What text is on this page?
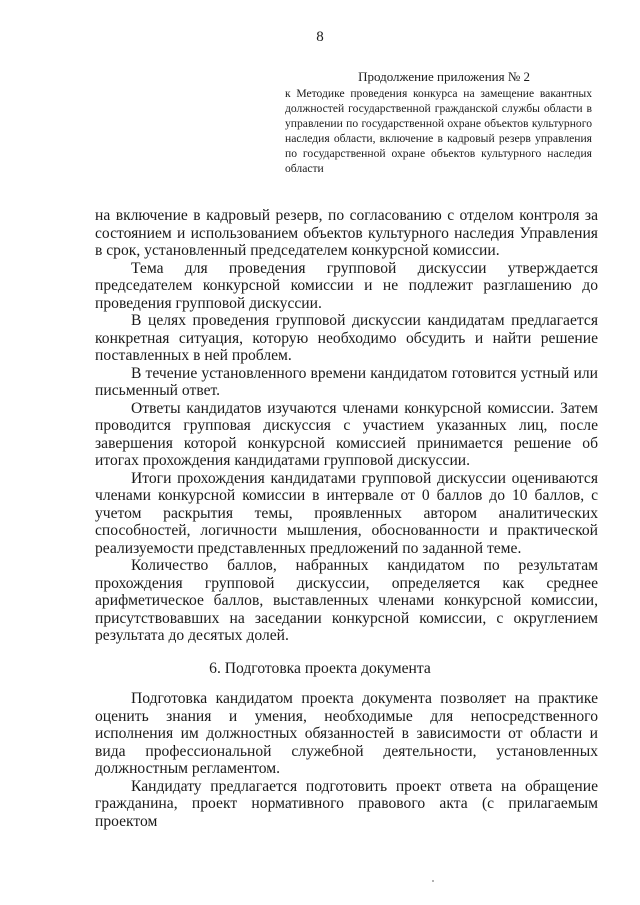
8
Продолжение приложения № 2
к Методике проведения конкурса на замещение вакантных должностей государственной гражданской службы области в управлении по государственной охране объектов культурного наследия области, включение в кадровый резерв управления по государственной охране объектов культурного наследия области

на включение в кадровый резерв, по согласованию с отделом контроля за состоянием и использованием объектов культурного наследия Управления в срок, установленный председателем конкурсной комиссии.

Тема для проведения групповой дискуссии утверждается председателем конкурсной комиссии и не подлежит разглашению до проведения групповой дискуссии.

В целях проведения групповой дискуссии кандидатам предлагается конкретная ситуация, которую необходимо обсудить и найти решение поставленных в ней проблем.

В течение установленного времени кандидатом готовится устный или письменный ответ.

Ответы кандидатов изучаются членами конкурсной комиссии. Затем проводится групповая дискуссия с участием указанных лиц, после завершения которой конкурсной комиссией принимается решение об итогах прохождения кандидатами групповой дискуссии.

Итоги прохождения кандидатами групповой дискуссии оцениваются членами конкурсной комиссии в интервале от 0 баллов до 10 баллов, с учетом раскрытия темы, проявленных автором аналитических способностей, логичности мышления, обоснованности и практической реализуемости представленных предложений по заданной теме.

Количество баллов, набранных кандидатом по результатам прохождения групповой дискуссии, определяется как среднее арифметическое баллов, выставленных членами конкурсной комиссии, присутствовавших на заседании конкурсной комиссии, с округлением результата до десятых долей.

6. Подготовка проекта документа

Подготовка кандидатом проекта документа позволяет на практике оценить знания и умения, необходимые для непосредственного исполнения им должностных обязанностей в зависимости от области и вида профессиональной служебной деятельности, установленных должностным регламентом.

Кандидату предлагается подготовить проект ответа на обращение гражданина, проект нормативного правового акта (с прилагаемым проектом
